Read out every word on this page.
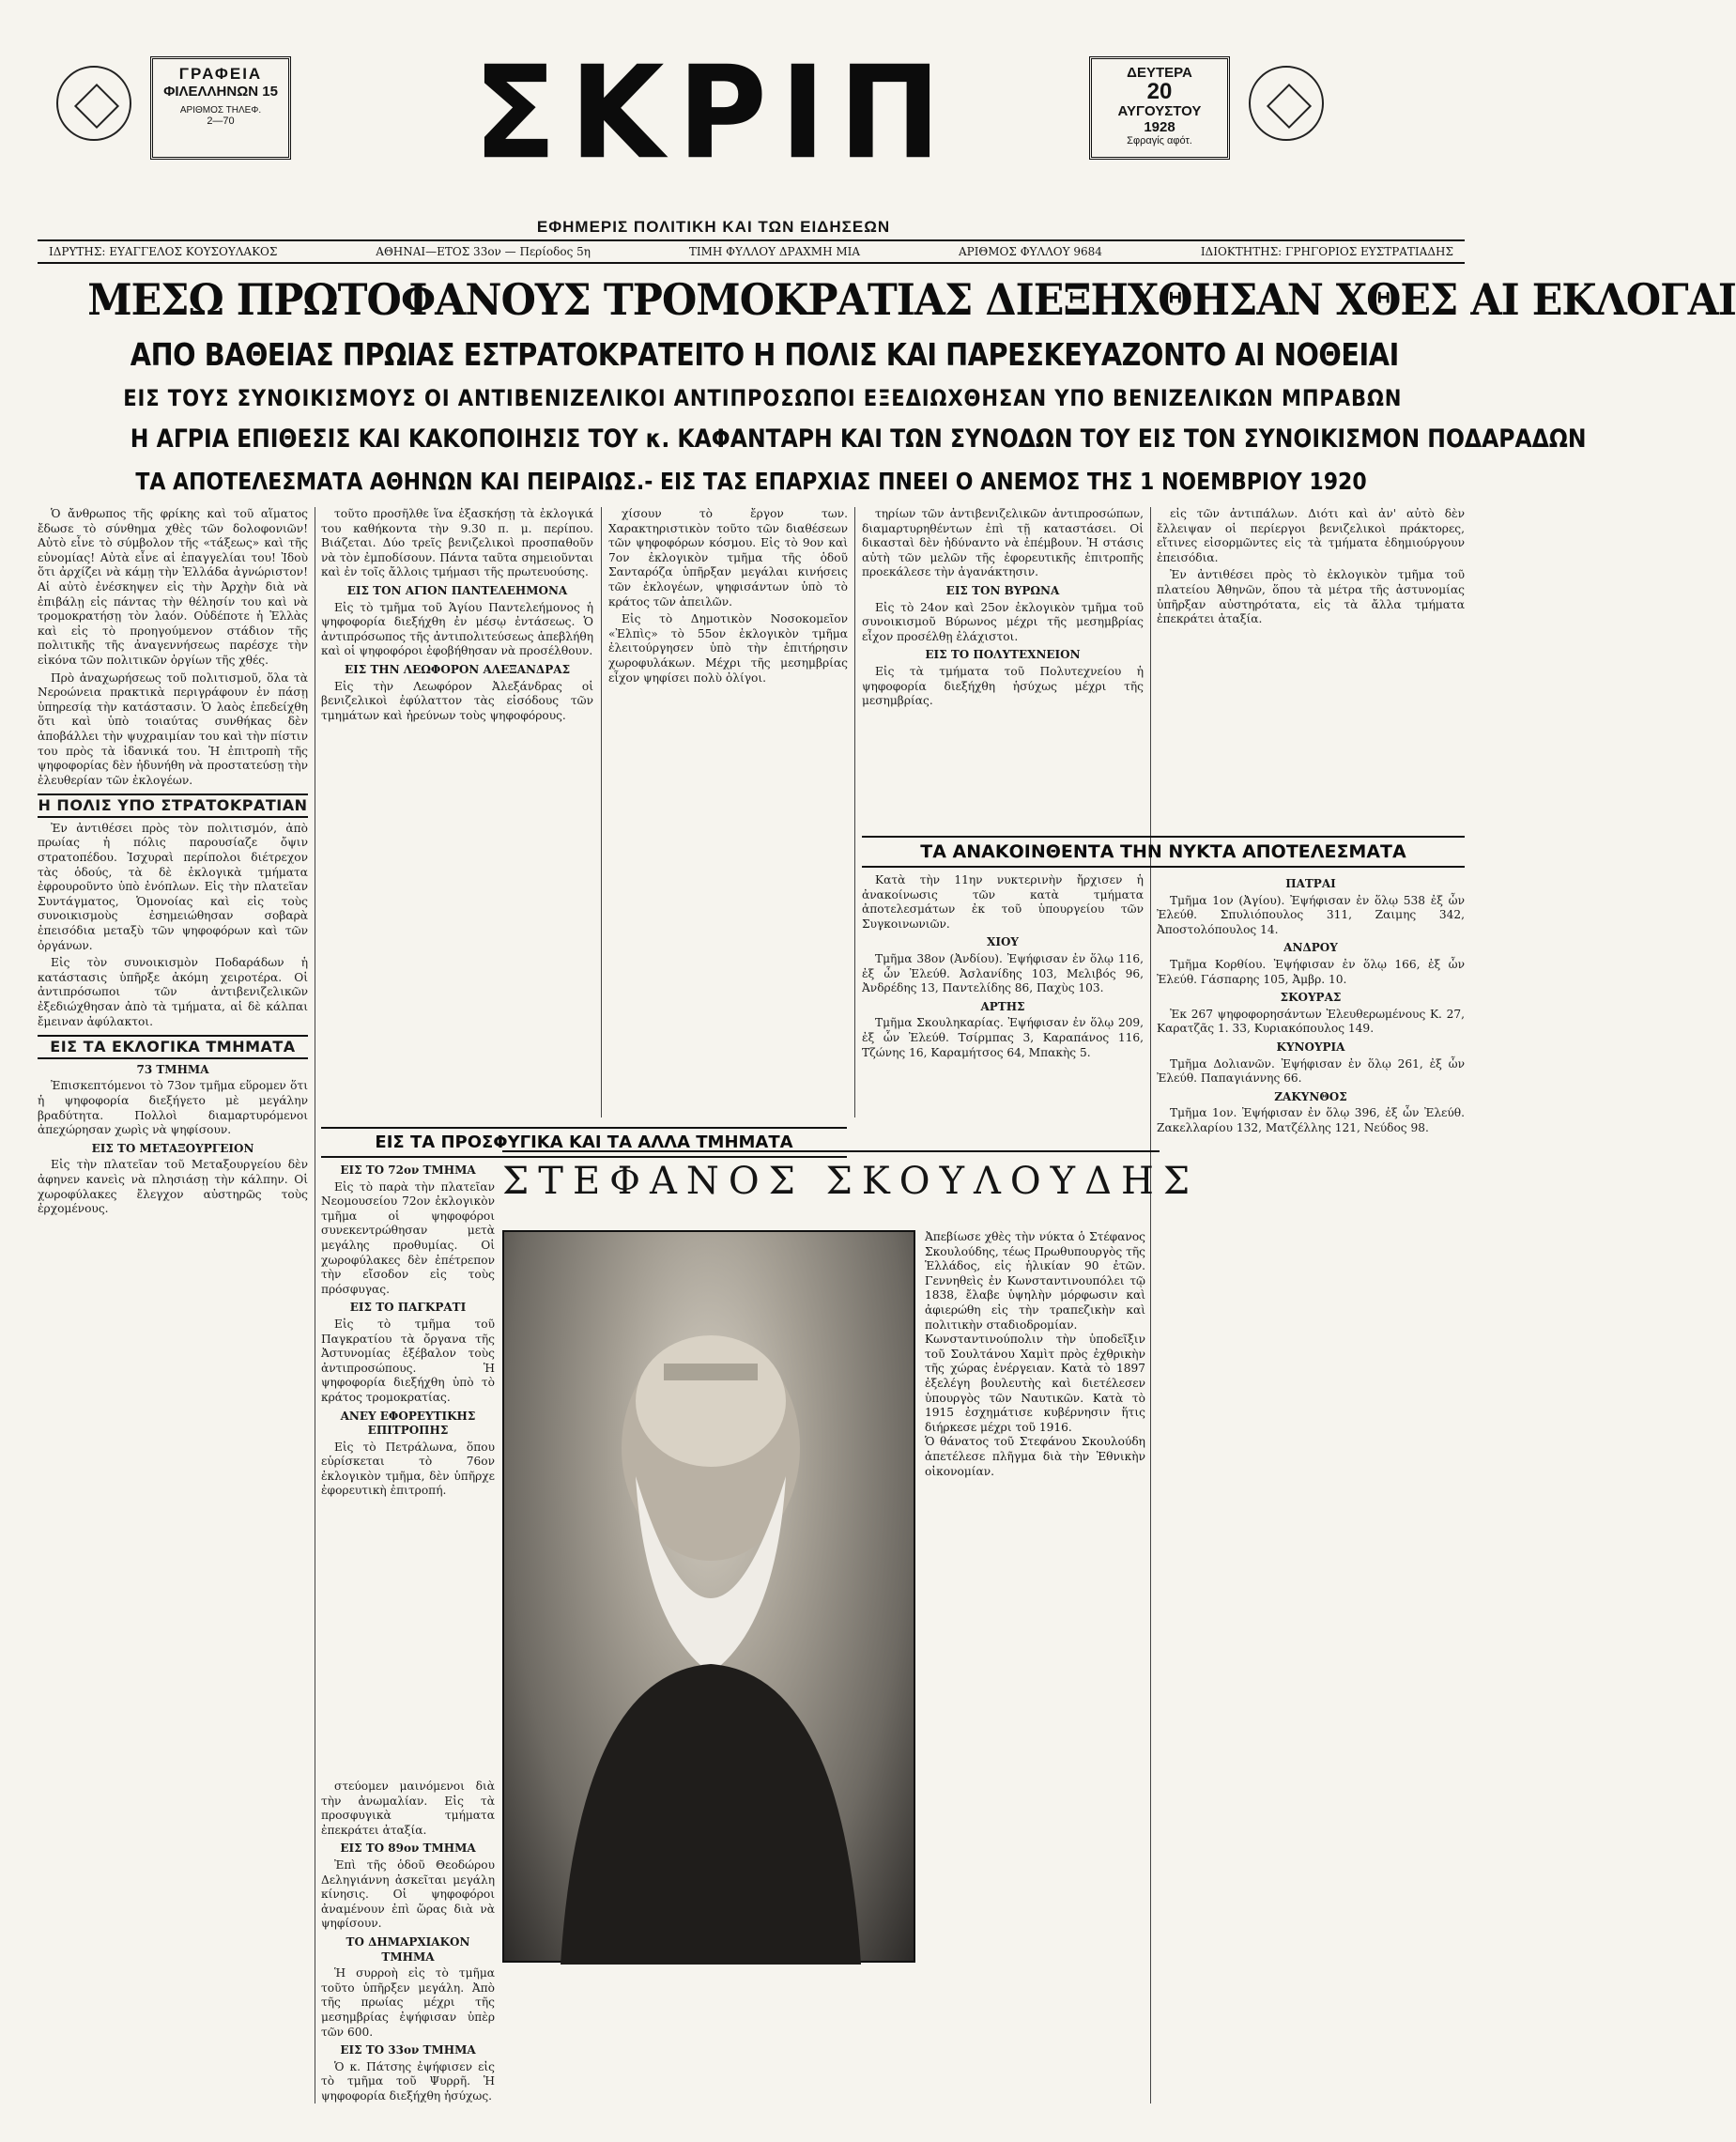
ΓΡΑΦΕΙΑ
ΦΙΛΕΛΛΗΝΩΝ 15
ΑΡΙΘΜΟΣ ΤΗΛΕΦ.
2—70	ΣΚΡΙΠ
ΕΦΗΜΕΡΙΣ ΠΟΛΙΤΙΚΗ ΚΑΙ ΤΩΝ ΕΙΔΗΣΕΩΝ
ΔΕΥΤΕΡΑ
20
ΑΥΓΟΥΣΤΟΥ
1928
Σφραγίς αφότ.
ΙΔΡΥΤΗΣ: ΕΥΑΓΓΕΛΟΣ ΚΟΥΣΟΥΛΑΚΟΣ	ΑΘΗΝΑΙ—ΕΤΟΣ 33ον — Περίοδος 5η	ΤΙΜΗ ΦΥΛΛΟΥ ΔΡΑΧΜΗ ΜΙΑ	ΑΡΙΘΜΟΣ ΦΥΛΛΟΥ 9684	ΙΔΙΟΚΤΗΤΗΣ: ΓΡΗΓΟΡΙΟΣ ΕΥΣΤΡΑΤΙΑΔΗΣ
ΜΕΣΩ ΠΡΩΤΟΦΑΝΟΥΣ ΤΡΟΜΟΚΡΑΤΙΑΣ ΔΙΕΞΗΧΘΗΣΑΝ ΧΘΕΣ ΑΙ ΕΚΛΟΓΑΙ
ΑΠΟ ΒΑΘΕΙΑΣ ΠΡΩΙΑΣ ΕΣΤΡΑΤΟΚΡΑΤΕΙΤΟ Η ΠΟΛΙΣ ΚΑΙ ΠΑΡΕΣΚΕΥΑΖΟΝΤΟ ΑΙ ΝΟΘΕΙΑΙ
ΕΙΣ ΤΟΥΣ ΣΥΝΟΙΚΙΣΜΟΥΣ ΟΙ ΑΝΤΙΒΕΝΙΖΕΛΙΚΟΙ ΑΝΤΙΠΡΟΣΩΠΟΙ ΕΞΕΔΙΩΧΘΗΣΑΝ ΥΠΟ ΒΕΝΙΖΕΛΙΚΩΝ ΜΠΡΑΒΩΝ
Η ΑΓΡΙΑ ΕΠΙΘΕΣΙΣ ΚΑΙ ΚΑΚΟΠΟΙΗΣΙΣ ΤΟΥ κ. ΚΑΦΑΝΤΑΡΗ ΚΑΙ ΤΩΝ ΣΥΝΟΔΩΝ ΤΟΥ ΕΙΣ ΤΟΝ ΣΥΝΟΙΚΙΣΜΟΝ ΠΟΔΑΡΑΔΩΝ
ΤΑ ΑΠΟΤΕΛΕΣΜΑΤΑ ΑΘΗΝΩΝ ΚΑΙ ΠΕΙΡΑΙΩΣ.- ΕΙΣ ΤΑΣ ΕΠΑΡΧΙΑΣ ΠΝΕΕΙ Ο ΑΝΕΜΟΣ ΤΗΣ 1 ΝΟΕΜΒΡΙΟΥ 1920

Ὁ ἄνθρωπος τῆς φρίκης καὶ τοῦ αἵματος ἔδωσε τὸ σύνθημα χθὲς τῶν δολοφονιῶν! Αὐτὸ εἶνε τὸ σύμβολον τῆς «τάξεως» καὶ τῆς εὐνομίας! Αὐτὰ εἶνε αἱ ἐπαγγελίαι του! Ἰδοὺ ὅτι ἀρχίζει νὰ κάμῃ τὴν Ἑλλάδα ἀγνώριστον! Αἱ αὐτὸ ἐνέσκηψεν εἰς τὴν Ἀρχὴν διὰ νὰ ἐπιβάλῃ εἰς πάντας τὴν θέλησίν του καὶ νὰ τρομοκρατήσῃ τὸν λαόν. Οὐδέποτε ἡ Ἑλλὰς καὶ εἰς τὸ προηγούμενον στάδιον τῆς πολιτικῆς τῆς ἀναγεννήσεως παρέσχε τὴν εἰκόνα τῶν πολιτικῶν ὀργίων τῆς χθές.

Πρὸ ἀναχωρήσεως τοῦ πολιτισμοῦ, ὅλα τὰ Νεροώνεια πρακτικὰ περιγράφουν ἐν πάσῃ ὑπηρεσίᾳ τὴν κατάστασιν. Ὁ λαὸς ἐπεδείχθη ὅτι καὶ ὑπὸ τοιαύτας συνθήκας δὲν ἀποβάλλει τὴν ψυχραιμίαν του καὶ τὴν πίστιν του πρὸς τὰ ἰδανικά του. Ἡ ἐπιτροπὴ τῆς ψηφοφορίας δὲν ἠδυνήθη νὰ προστατεύσῃ τὴν ἐλευθερίαν τῶν ἐκλογέων.

Η ΠΟΛΙΣ ΥΠΟ ΣΤΡΑΤΟΚΡΑΤΙΑΝ

Ἐν ἀντιθέσει πρὸς τὸν πολιτισμόν, ἀπὸ πρωίας ἡ πόλις παρουσίαζε ὄψιν στρατοπέδου. Ἰσχυραὶ περίπολοι διέτρεχον τὰς ὁδούς, τὰ δὲ ἐκλογικὰ τμήματα ἐφρουροῦντο ὑπὸ ἐνόπλων. Εἰς τὴν πλατεῖαν Συντάγματος, Ὁμονοίας καὶ εἰς τοὺς συνοικισμοὺς ἐσημειώθησαν σοβαρὰ ἐπεισόδια μεταξὺ τῶν ψηφοφόρων καὶ τῶν ὀργάνων.

Εἰς τὸν συνοικισμὸν Ποδαράδων ἡ κατάστασις ὑπῆρξε ἀκόμη χειροτέρα. Οἱ ἀντιπρόσωποι τῶν ἀντιβενιζελικῶν ἐξεδιώχθησαν ἀπὸ τὰ τμήματα, αἱ δὲ κάλπαι ἔμειναν ἀφύλακτοι.

ΕΙΣ ΤΑ ΕΚΛΟΓΙΚΑ ΤΜΗΜΑΤΑ
73 ΤΜΗΜΑ

Ἐπισκεπτόμενοι τὸ 73ον τμῆμα εὕρομεν ὅτι ἡ ψηφοφορία διεξήγετο μὲ μεγάλην βραδύτητα. Πολλοὶ διαμαρτυρόμενοι ἀπεχώρησαν χωρὶς νὰ ψηφίσουν.

ΕΙΣ ΤΟ ΜΕΤΑΞΟΥΡΓΕΙΟΝ

Εἰς τὴν πλατεῖαν τοῦ Μεταξουργείου δὲν ἀφηνεν κανεὶς νὰ πλησιάσῃ τὴν κάλπην. Οἱ χωροφύλακες ἔλεγχον αὐστηρῶς τοὺς ἐρχομένους.

τοῦτο προσῆλθε ἵνα ἐξασκήσῃ τὰ ἐκλογικά του καθήκοντα τὴν 9.30 π. μ. περίπου. Βιάζεται. Δύο τρεῖς βενιζελικοὶ προσπαθοῦν νὰ τὸν ἐμποδίσουν. Πάντα ταῦτα σημειοῦνται καὶ ἐν τοῖς ἄλλοις τμήμασι τῆς πρωτευούσης.

ΕΙΣ ΤΟΝ ΑΓΙΟΝ ΠΑΝΤΕΛΕΗΜΟΝΑ

Εἰς τὸ τμῆμα τοῦ Ἁγίου Παντελεήμονος ἡ ψηφοφορία διεξήχθη ἐν μέσῳ ἐντάσεως. Ὁ ἀντιπρόσωπος τῆς ἀντιπολιτεύσεως ἀπεβλήθη καὶ οἱ ψηφοφόροι ἐφοβήθησαν νὰ προσέλθουν.

ΕΙΣ ΤΗΝ ΛΕΩΦΟΡΟΝ ΑΛΕΞΑΝΔΡΑΣ

Εἰς τὴν Λεωφόρον Ἀλεξάνδρας οἱ βενιζελικοὶ ἐφύλαττον τὰς εἰσόδους τῶν τμημάτων καὶ ἠρεύνων τοὺς ψηφοφόρους.

χίσουν τὸ ἔργον των. Χαρακτηριστικὸν τοῦτο τῶν διαθέσεων τῶν ψηφοφόρων κόσμου. Εἰς τὸ 9ον καὶ 7ον ἐκλογικὸν τμῆμα τῆς ὁδοῦ Σανταρόζα ὑπῆρξαν μεγάλαι κινήσεις τῶν ἐκλογέων, ψηφισάντων ὑπὸ τὸ κράτος τῶν ἀπειλῶν.

Εἰς τὸ Δημοτικὸν Νοσοκομεῖον «Ἐλπὶς» τὸ 55ον ἐκλογικὸν τμῆμα ἐλειτούργησεν ὑπὸ τὴν ἐπιτήρησιν χωροφυλάκων. Μέχρι τῆς μεσημβρίας εἶχον ψηφίσει πολὺ ὀλίγοι.

τηρίων τῶν ἀντιβενιζελικῶν ἀντιπροσώπων, διαμαρτυρηθέντων ἐπὶ τῇ καταστάσει. Οἱ δικασταὶ δὲν ἠδύναντο νὰ ἐπέμβουν. Ἡ στάσις αὐτὴ τῶν μελῶν τῆς ἐφορευτικῆς ἐπιτροπῆς προεκάλεσε τὴν ἀγανάκτησιν.

ΕΙΣ ΤΟΝ ΒΥΡΩΝΑ

Εἰς τὸ 24ον καὶ 25ον ἐκλογικὸν τμῆμα τοῦ συνοικισμοῦ Βύρωνος μέχρι τῆς μεσημβρίας εἶχον προσέλθῃ ἐλάχιστοι.

ΕΙΣ ΤΟ ΠΟΛΥΤΕΧΝΕΙΟΝ

Εἰς τὰ τμήματα τοῦ Πολυτεχνείου ἡ ψηφοφορία διεξήχθη ἡσύχως μέχρι τῆς μεσημβρίας.

εἰς τῶν ἀντιπάλων. Διότι καὶ ἀν' αὐτὸ δὲν ἔλλειψαν οἱ περίεργοι βενιζελικοὶ πράκτορες, εἴτινες εἰσορμῶντες εἰς τὰ τμήματα ἐδημιούργουν ἐπεισόδια.

Ἐν ἀντιθέσει πρὸς τὸ ἐκλογικὸν τμῆμα τοῦ πλατείου Ἀθηνῶν, ὅπου τὰ μέτρα τῆς ἀστυνομίας ὑπῆρξαν αὐστηρότατα, εἰς τὰ ἄλλα τμήματα ἐπεκράτει ἀταξία.

ΤΑ ΑΝΑΚΟΙΝΘΕΝΤΑ ΤΗΝ ΝΥΚΤΑ ΑΠΟΤΕΛΕΣΜΑΤΑ

Κατὰ τὴν 11ην νυκτερινὴν ἤρχισεν ἡ ἀνακοίνωσις τῶν κατὰ τμήματα ἀποτελεσμάτων ἐκ τοῦ ὑπουργείου τῶν Συγκοινωνιῶν.

ΧΙΟΥ

Τμῆμα 38ον (Ἀνδίου). Ἐψήφισαν ἐν ὅλῳ 116, ἐξ ὧν Ἐλεύθ. Ἀσλανίδης 103, Μελιβός 96, Ἀνδρέδης 13, Παντελίδης 86, Παχὺς 103.

ΑΡΤΗΣ

Τμῆμα Σκουληκαρίας. Ἐψήφισαν ἐν ὅλῳ 209, ἐξ ὧν Ἐλεύθ. Τσίρμπας 3, Καραπάνος 116, Τζώνης 16, Καραμήτσος 64, Μπακὴς 5.

ΠΑΤΡΑΙ

Τμῆμα 1ον (Ἀγίου). Ἐψήφισαν ἐν ὅλῳ 538 ἐξ ὧν Ἐλεύθ. Σπυλιόπουλος 311, Ζαιμης 342, Ἀποστολόπουλος 14.

ΑΝΔΡΟΥ

Τμῆμα Κορθίου. Ἐψήφισαν ἐν ὅλῳ 166, ἐξ ὧν Ἐλεύθ. Γάσπαρης 105, Ἀμβρ. 10.

ΣΚΟΥΡΑΣ

Ἐκ 267 ψηφοφορησάντων Ἐλευθερωμένους Κ. 27, Καρατζᾶς 1. 33, Κυριακόπουλος 149.

ΚΥΝΟΥΡΙΑ

Τμῆμα Δολιανῶν. Ἐψήφισαν ἐν ὅλῳ 261, ἐξ ὧν Ἐλεύθ. Παπαγιάννης 66.

ΖΑΚΥΝΘΟΣ

Τμῆμα 1ον. Ἐψήφισαν ἐν ὅλῳ 396, ἐξ ὧν Ἐλεύθ. Ζακελλαρίου 132, Ματζέλλης 121, Νεύδος 98.

ΕΙΣ ΤΑ ΠΡΟΣΦΥΓΙΚΑ ΚΑΙ ΤΑ ΑΛΛΑ ΤΜΗΜΑΤΑ
ΣΤΕΦΑΝΟΣ ΣΚΟΥΛΟΥΔΗΣ
ΕΙΣ ΤΟ 72ον ΤΜΗΜΑ

Εἰς τὸ παρὰ τὴν πλατεῖαν Νεομουσείου 72ον ἐκλογικὸν τμῆμα οἱ ψηφοφόροι συνεκεντρώθησαν μετὰ μεγάλης προθυμίας. Οἱ χωροφύλακες δὲν ἐπέτρεπον τὴν εἴσοδον εἰς τοὺς πρόσφυγας.

ΕΙΣ ΤΟ ΠΑΓΚΡΑΤΙ

Εἰς τὸ τμῆμα τοῦ Παγκρατίου τὰ ὄργανα τῆς Ἀστυνομίας ἐξέβαλον τοὺς ἀντιπροσώπους. Ἡ ψηφοφορία διεξήχθη ὑπὸ τὸ κράτος τρομοκρατίας.

ΑΝΕΥ ΕΦΟΡΕΥΤΙΚΗΣ ΕΠΙΤΡΟΠΗΣ

Εἰς τὸ Πετράλωνα, ὅπου εὑρίσκεται τὸ 76ον ἐκλογικὸν τμῆμα, δὲν ὑπῆρχε ἐφορευτικὴ ἐπιτροπή.

Ἀπεβίωσε χθὲς τὴν νύκτα ὁ Στέφανος Σκουλούδης, τέως Πρωθυπουργὸς τῆς Ἑλλάδος, εἰς ἡλικίαν 90 ἐτῶν. Γεννηθεὶς ἐν Κωνσταντινουπόλει τῷ 1838, ἔλαβε ὑψηλὴν μόρφωσιν καὶ ἀφιερώθη εἰς τὴν τραπεζικὴν καὶ πολιτικὴν σταδιοδρομίαν.

Κωνσταντινούπολιν τὴν ὑποδεῖξιν τοῦ Σουλτάνου Χαμὶτ πρὸς ἐχθρικὴν τῆς χώρας ἐνέργειαν. Κατὰ τὸ 1897 ἐξελέγη βουλευτὴς καὶ διετέλεσεν ὑπουργὸς τῶν Ναυτικῶν. Κατὰ τὸ 1915 ἐσχημάτισε κυβέρνησιν ἥτις διήρκεσε μέχρι τοῦ 1916.

Ὁ θάνατος τοῦ Στεφάνου Σκουλούδη ἀπετέλεσε πλῆγμα διὰ τὴν Ἐθνικὴν οἰκονομίαν.

στεύομεν μαινόμενοι διὰ τὴν ἀνωμαλίαν. Εἰς τὰ προσφυγικὰ τμήματα ἐπεκράτει ἀταξία.

ΕΙΣ ΤΟ 89ον ΤΜΗΜΑ

Ἐπὶ τῆς ὁδοῦ Θεοδώρου Δεληγιάννη ἀσκεῖται μεγάλη κίνησις. Οἱ ψηφοφόροι ἀναμένουν ἐπὶ ὥρας διὰ νὰ ψηφίσουν.

ΤΟ ΔΗΜΑΡΧΙΑΚΟΝ ΤΜΗΜΑ

Ἡ συρροὴ εἰς τὸ τμῆμα τοῦτο ὑπῆρξεν μεγάλη. Ἀπὸ τῆς πρωίας μέχρι τῆς μεσημβρίας ἐψήφισαν ὑπὲρ τῶν 600.

ΕΙΣ ΤΟ 33ον ΤΜΗΜΑ

Ὁ κ. Πάτσης ἐψήφισεν εἰς τὸ τμῆμα τοῦ Ψυρρῆ. Ἡ ψηφοφορία διεξήχθη ἡσύχως.
